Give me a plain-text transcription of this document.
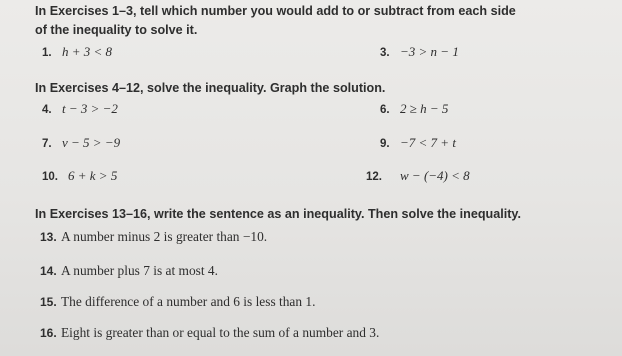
In Exercises 1–3, tell which number you would add to or subtract from each side
of the inequality to solve it.
1. h + 3 < 8	3. −3 > n − 1
In Exercises 4–12, solve the inequality. Graph the solution.
4. t − 3 > −2	6. 2 ≥ h − 5
7. v − 5 > −9	9. −7 < 7 + t
10. 6 + k > 5	12. w − (−4) < 8
In Exercises 13–16, write the sentence as an inequality. Then solve the inequality.
13. A number minus 2 is greater than −10.
14. A number plus 7 is at most 4.
15. The difference of a number and 6 is less than 1.
16. Eight is greater than or equal to the sum of a number and 3.
